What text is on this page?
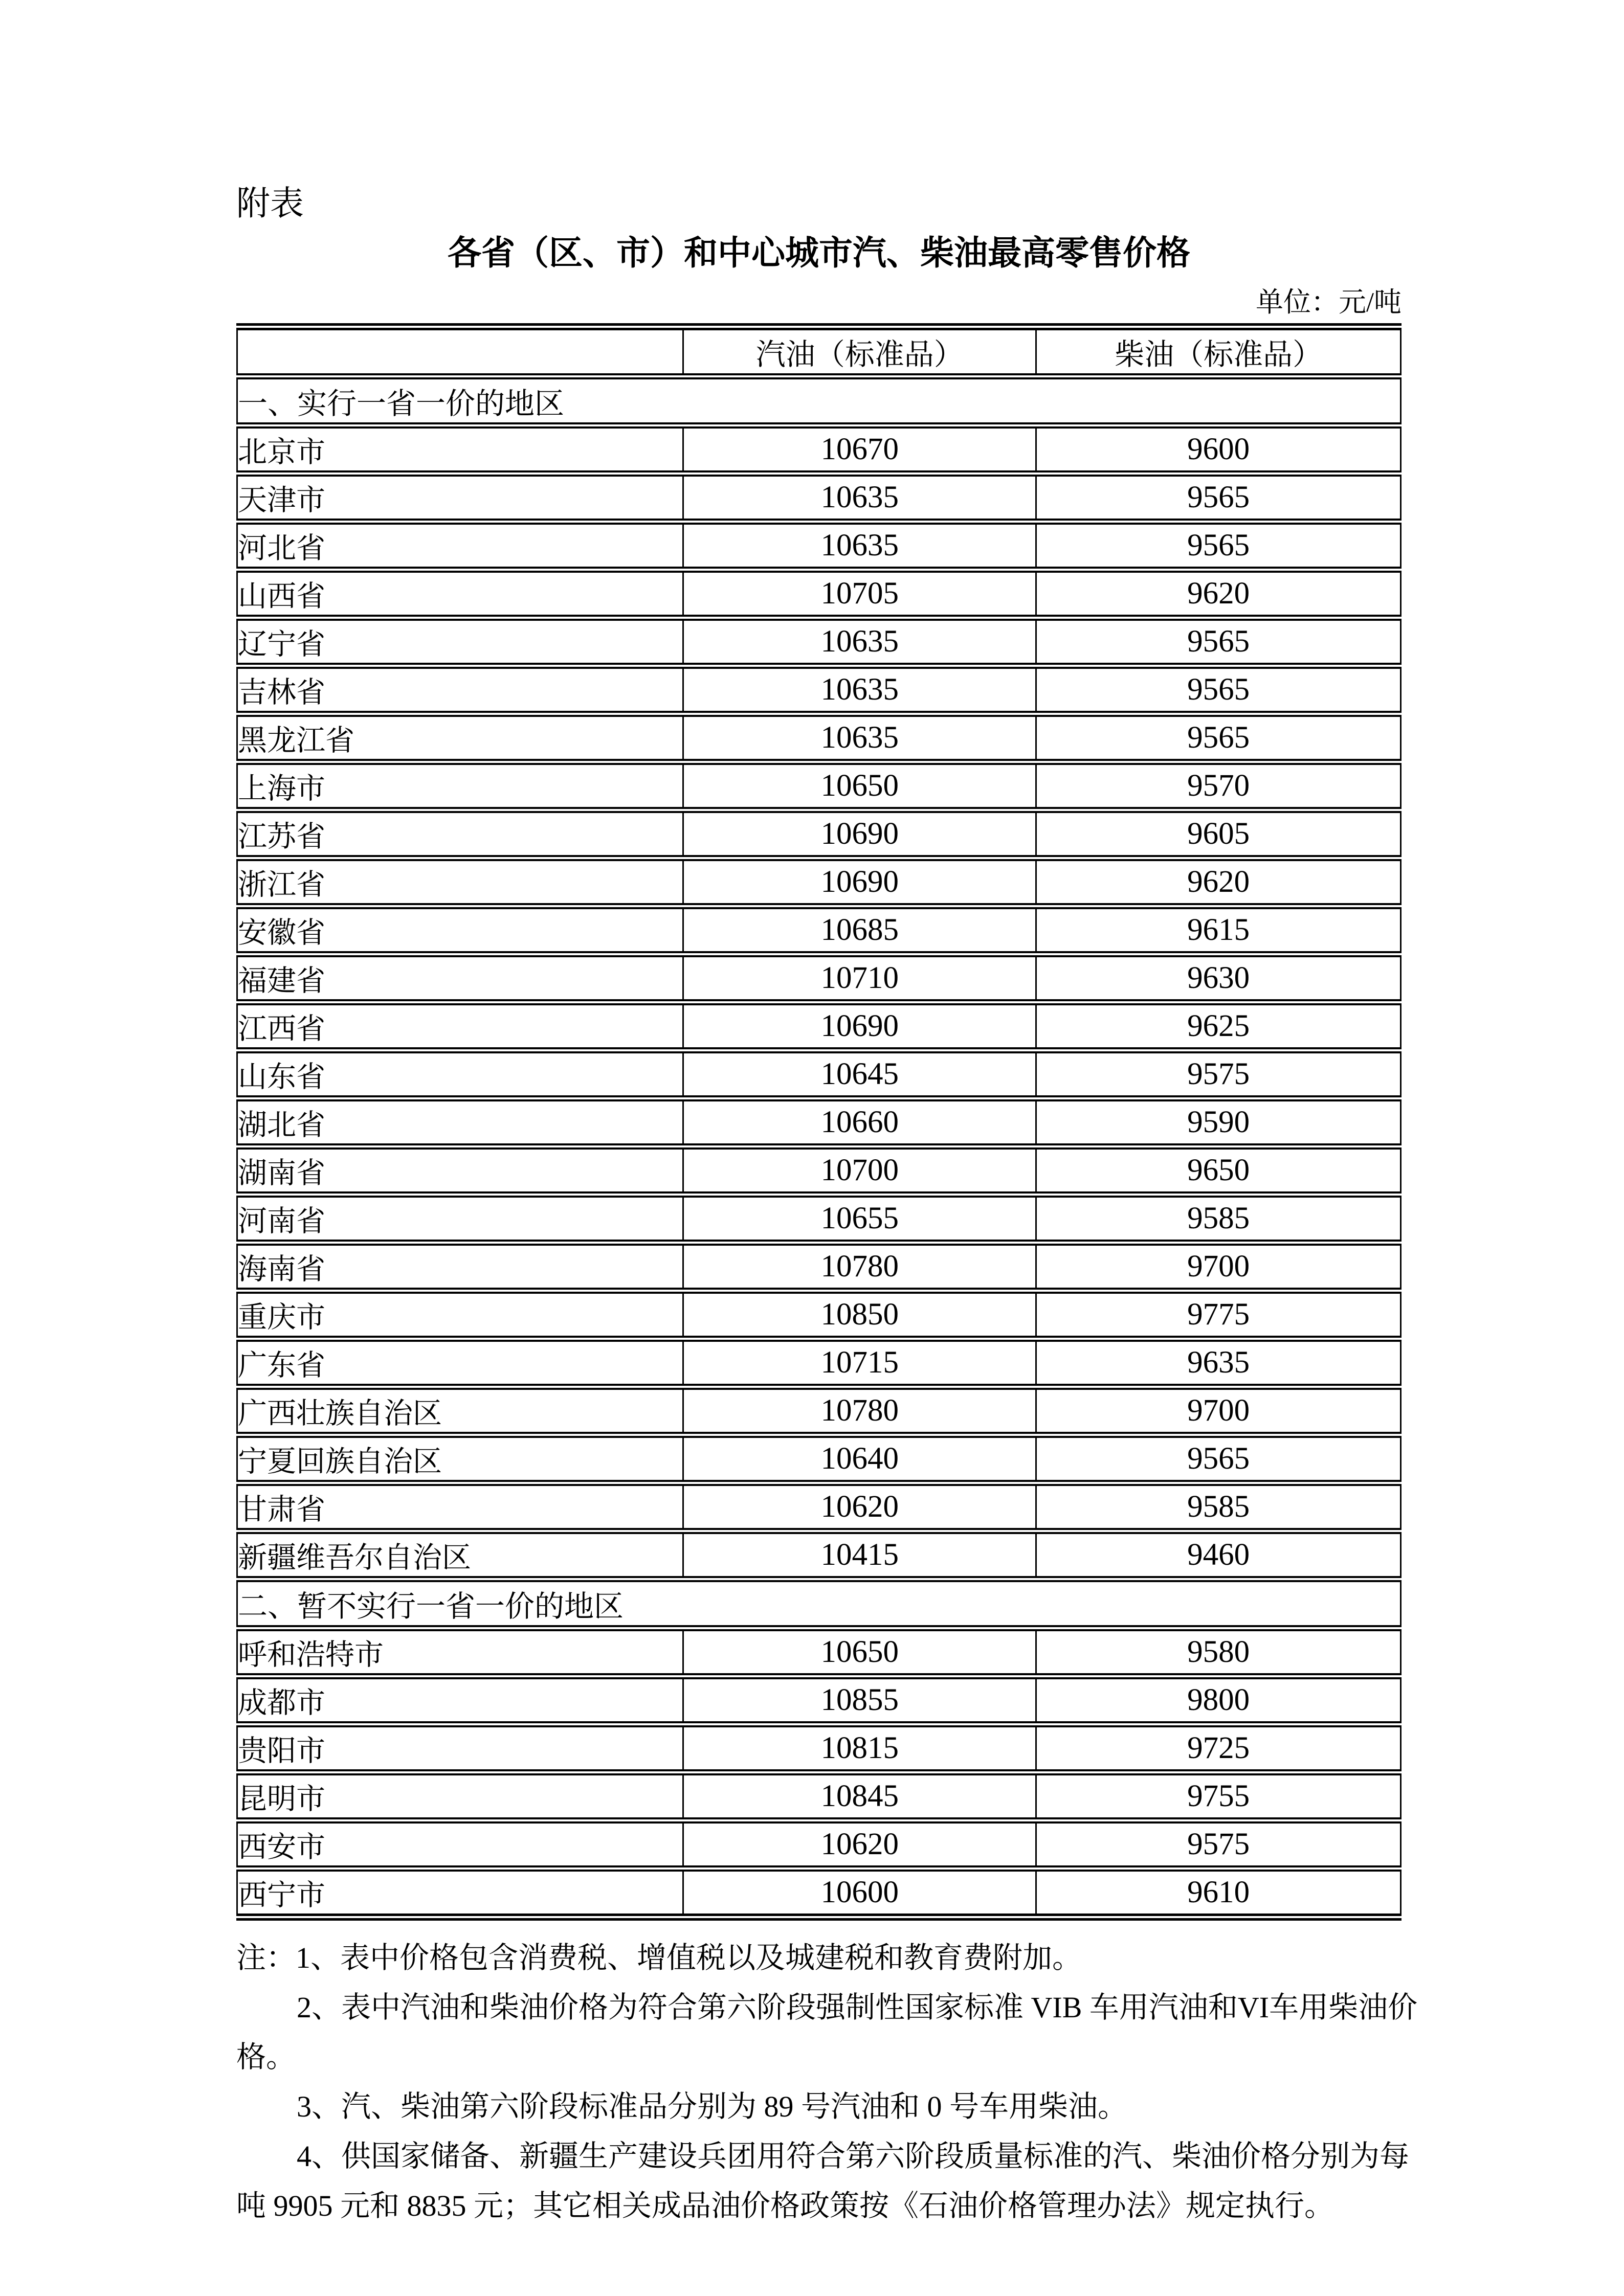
附表

各省（区、市）和中心城市汽、柴油最高零售价格

单位：元/吨

	汽油（标准品）	柴油（标准品）
一、实行一省一价的地区		
北京市	10670	9600
天津市	10635	9565
河北省	10635	9565
山西省	10705	9620
辽宁省	10635	9565
吉林省	10635	9565
黑龙江省	10635	9565
上海市	10650	9570
江苏省	10690	9605
浙江省	10690	9620
安徽省	10685	9615
福建省	10710	9630
江西省	10690	9625
山东省	10645	9575
湖北省	10660	9590
湖南省	10700	9650
河南省	10655	9585
海南省	10780	9700
重庆市	10850	9775
广东省	10715	9635
广西壮族自治区	10780	9700
宁夏回族自治区	10640	9565
甘肃省	10620	9585
新疆维吾尔自治区	10415	9460
二、暂不实行一省一价的地区		
呼和浩特市	10650	9580
成都市	10855	9800
贵阳市	10815	9725
昆明市	10845	9755
西安市	10620	9575
西宁市	10600	9610

注：1、表中价格包含消费税、增值税以及城建税和教育费附加。

2、表中汽油和柴油价格为符合第六阶段强制性国家标准 VIB 车用汽油和VI车用柴油价

格。

3、汽、柴油第六阶段标准品分别为 89 号汽油和 0 号车用柴油。

4、供国家储备、新疆生产建设兵团用符合第六阶段质量标准的汽、柴油价格分别为每

吨 9905 元和 8835 元；其它相关成品油价格政策按《石油价格管理办法》规定执行。
